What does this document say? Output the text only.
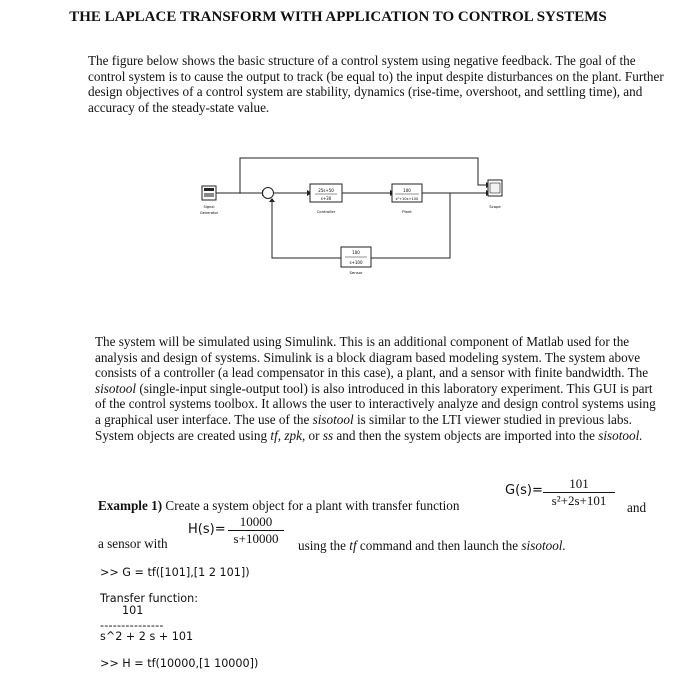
THE LAPLACE TRANSFORM WITH APPLICATION TO CONTROL SYSTEMS
The figure below shows the basic structure of a control system using negative feedback. The goal of the control system is to cause the output to track (be equal to) the input despite disturbances on the plant. Further design objectives of a control system are stability, dynamics (rise-time, overshoot, and settling time), and accuracy of the steady-state value.
Signal
Generator
25s+50
s+30
Controller
100
s²+10s+100
Plant
Scope
100
s+100
Sensor
The system will be simulated using Simulink. This is an additional component of Matlab used for the analysis and design of systems. Simulink is a block diagram based modeling system. The system above consists of a controller (a lead compensator in this case), a plant, and a sensor with finite bandwidth. The sisotool (single-input single-output tool) is also introduced in this laboratory experiment. This GUI is part of the control systems toolbox. It allows the user to interactively analyze and design control systems using a graphical user interface. The use of the sisotool is similar to the LTI viewer studied in previous labs. System objects are created using tf, zpk, or ss and then the system objects are imported into the sisotool.
Example 1) Create a system object for a plant with transfer function
$G(s)= \frac{101}{\text{s²+2s+101}}$ and
$H(s)= \frac{10000}{s+10000}$
a sensor with	using the tf command and then launch the sisotool.
>> G = tf([101],[1 2 101])
Transfer function:
101
---------------
s^2 + 2 s + 101
>> H = tf(10000,[1 10000])
